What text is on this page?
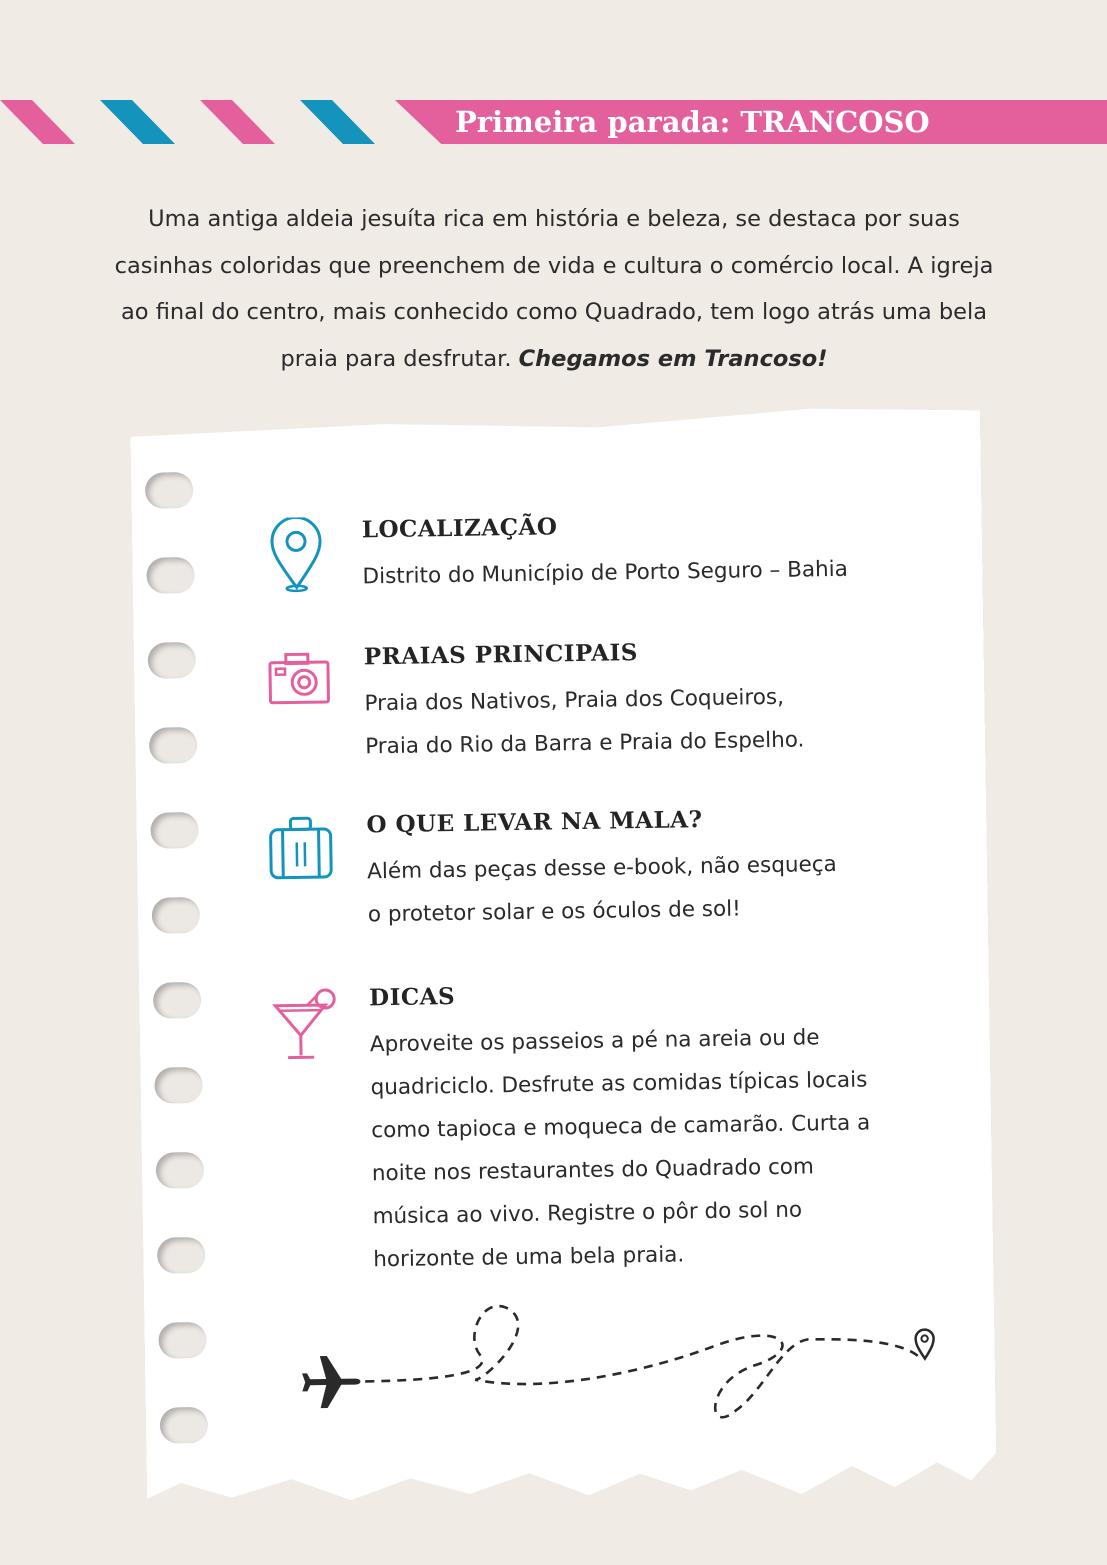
Primeira parada: TRANCOSO
Uma antiga aldeia jesuíta rica em história e beleza, se destaca por suas casinhas coloridas que preenchem de vida e cultura o comércio local. A igreja ao final do centro, mais conhecido como Quadrado, tem logo atrás uma bela praia para desfrutar. Chegamos em Trancoso!
LOCALIZAÇÃO
Distrito do Município de Porto Seguro – Bahia
PRAIAS PRINCIPAIS
Praia dos Nativos, Praia dos Coqueiros,
Praia do Rio da Barra e Praia do Espelho.
O QUE LEVAR NA MALA?
Além das peças desse e-book, não esqueça
o protetor solar e os óculos de sol!
DICAS
Aproveite os passeios a pé na areia ou de
quadriciclo. Desfrute as comidas típicas locais
como tapioca e moqueca de camarão. Curta a
noite nos restaurantes do Quadrado com
música ao vivo. Registre o pôr do sol no
horizonte de uma bela praia.
